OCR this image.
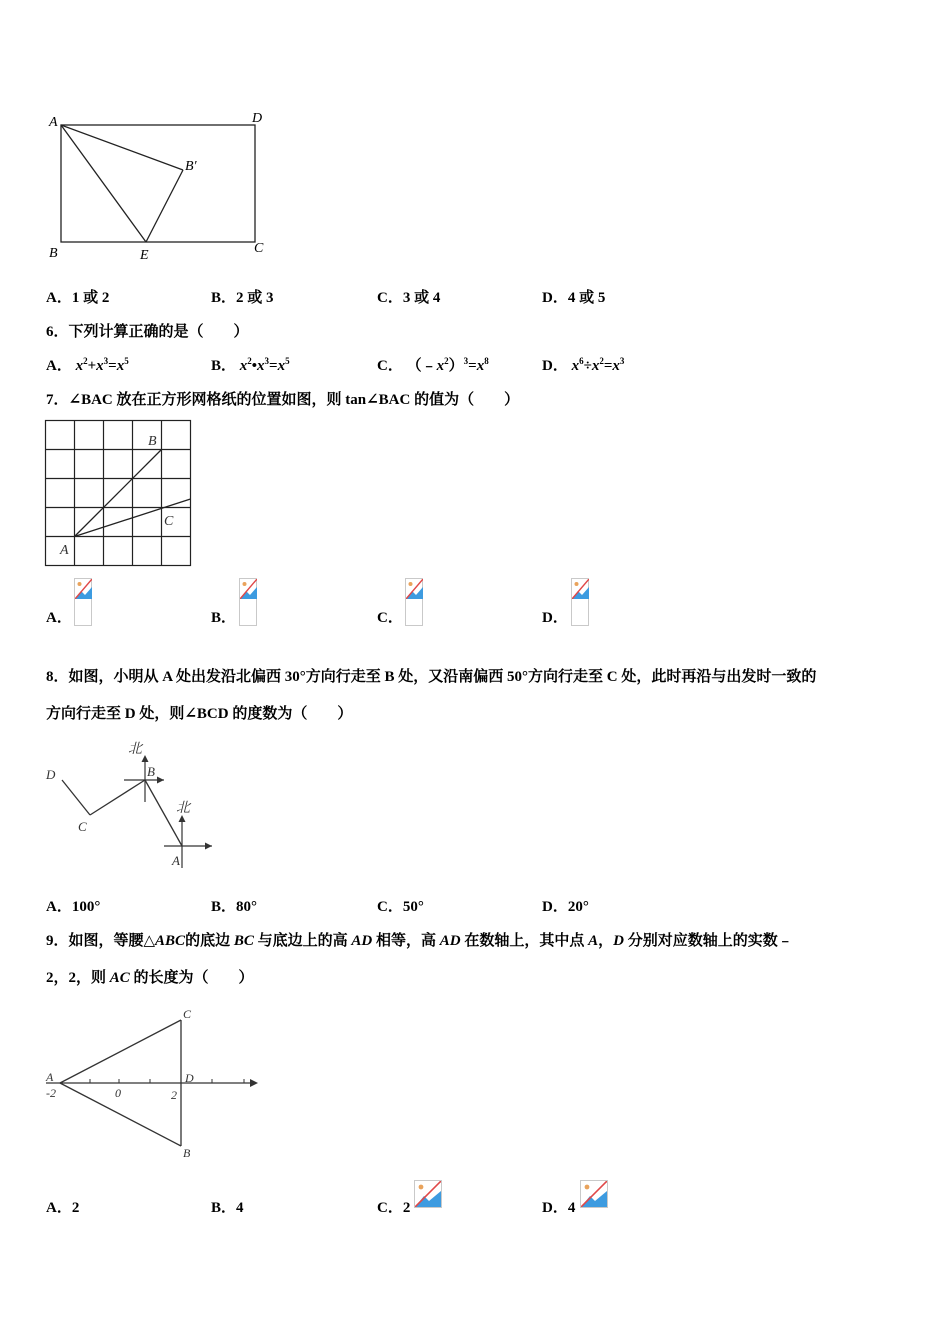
A	D
B′
B	E	C
A．1 或 2	B．2 或 3	C．3 或 4	D．4 或 5
6．下列计算正确的是（　　）
A． $x^2+x^3=x^5$	B． $x^2•x^3=x^5$	C． $(﹣x^2)^3=x^8$	D． $x^6\div x^2=x^3$
7．∠BAC 放在正方形网格纸的位置如图，则 tan∠BAC 的值为（　　）
B
C
A
A．	B．	C．	D．
8．如图，小明从 A 处出发沿北偏西 30°方向行走至 B 处，又沿南偏西 50°方向行走至 C 处，此时再沿与出发时一致的
方向行走至 D 处，则∠BCD 的度数为（　　）
北
北
B
C
D
A
A．100°	B．80°	C．50°	D．20°
9．如图，等腰△ABC的底边 BC 与底边上的高 AD 相等，高 AD 在数轴上，其中点 A，D 分别对应数轴上的实数﹣
2，2，则 AC 的长度为（　　）
C
B
D
A
-2	0	2
A．2	B．4	C．2	D．4
